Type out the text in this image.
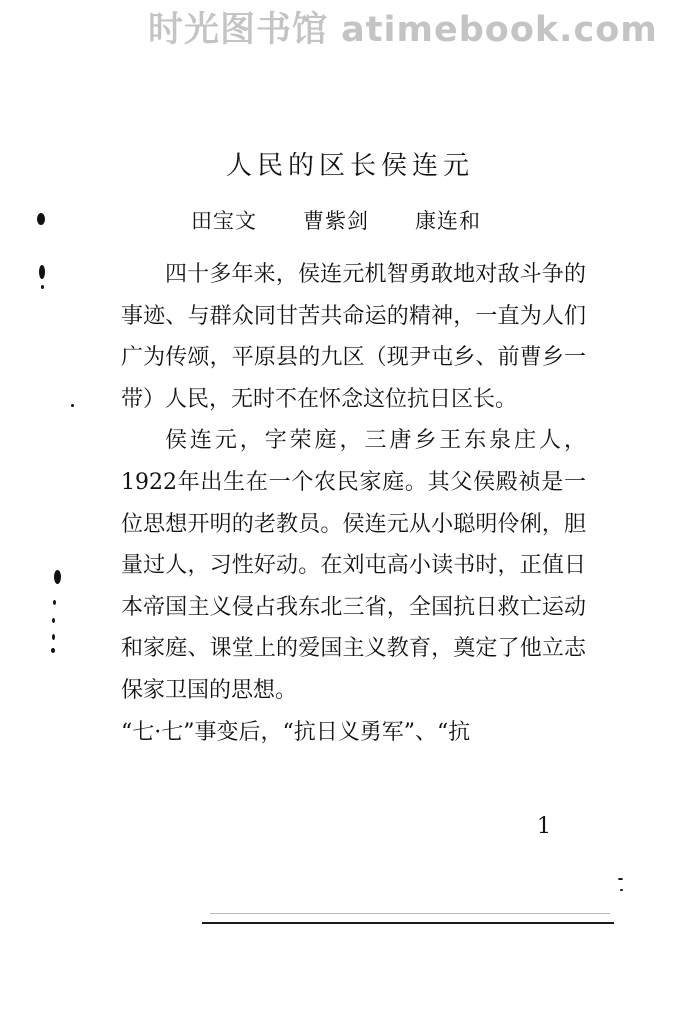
时光图书馆 atimebook.com
人民的区长侯连元
田宝文 曹紫剑 康连和

四十多年来，侯连元机智勇敢地对敌斗争的事迹、与群众同甘苦共命运的精神，一直为人们广为传颂，平原县的九区（现尹屯乡、前曹乡一带）人民，无时不在怀念这位抗日区长。

侯连元，字荣庭，三唐乡王东泉庄人，1922年出生在一个农民家庭。其父侯殿祯是一位思想开明的老教员。侯连元从小聪明伶俐，胆量过人，习性好动。在刘屯高小读书时，正值日本帝国主义侵占我东北三省，全国抗日救亡运动和家庭、课堂上的爱国主义教育，奠定了他立志保家卫国的思想。

“七·七”事变后，“抗日义勇军”、“抗

1
